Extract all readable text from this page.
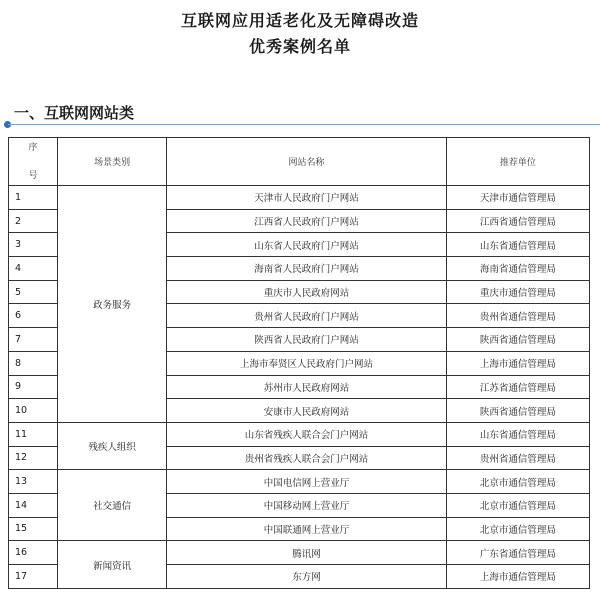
互联网应用适老化及无障碍改造
优秀案例名单
一、互联网网站类
序

号	场景类别	网站名称	推荐单位
1	政务服务	天津市人民政府门户网站	天津市通信管理局
2		江西省人民政府门户网站	江西省通信管理局
3		山东省人民政府门户网站	山东省通信管理局
4		海南省人民政府门户网站	海南省通信管理局
5		重庆市人民政府网站	重庆市通信管理局
6		贵州省人民政府门户网站	贵州省通信管理局
7		陕西省人民政府门户网站	陕西省通信管理局
8		上海市奉贤区人民政府门户网站	上海市通信管理局
9		苏州市人民政府网站	江苏省通信管理局
10		安康市人民政府网站	陕西省通信管理局
11	残疾人组织	山东省残疾人联合会门户网站	山东省通信管理局
12		贵州省残疾人联合会门户网站	贵州省通信管理局
13	社交通信	中国电信网上营业厅	北京市通信管理局
14		中国移动网上营业厅	北京市通信管理局
15		中国联通网上营业厅	北京市通信管理局
16	新闻资讯	腾讯网	广东省通信管理局
17		东方网	上海市通信管理局
